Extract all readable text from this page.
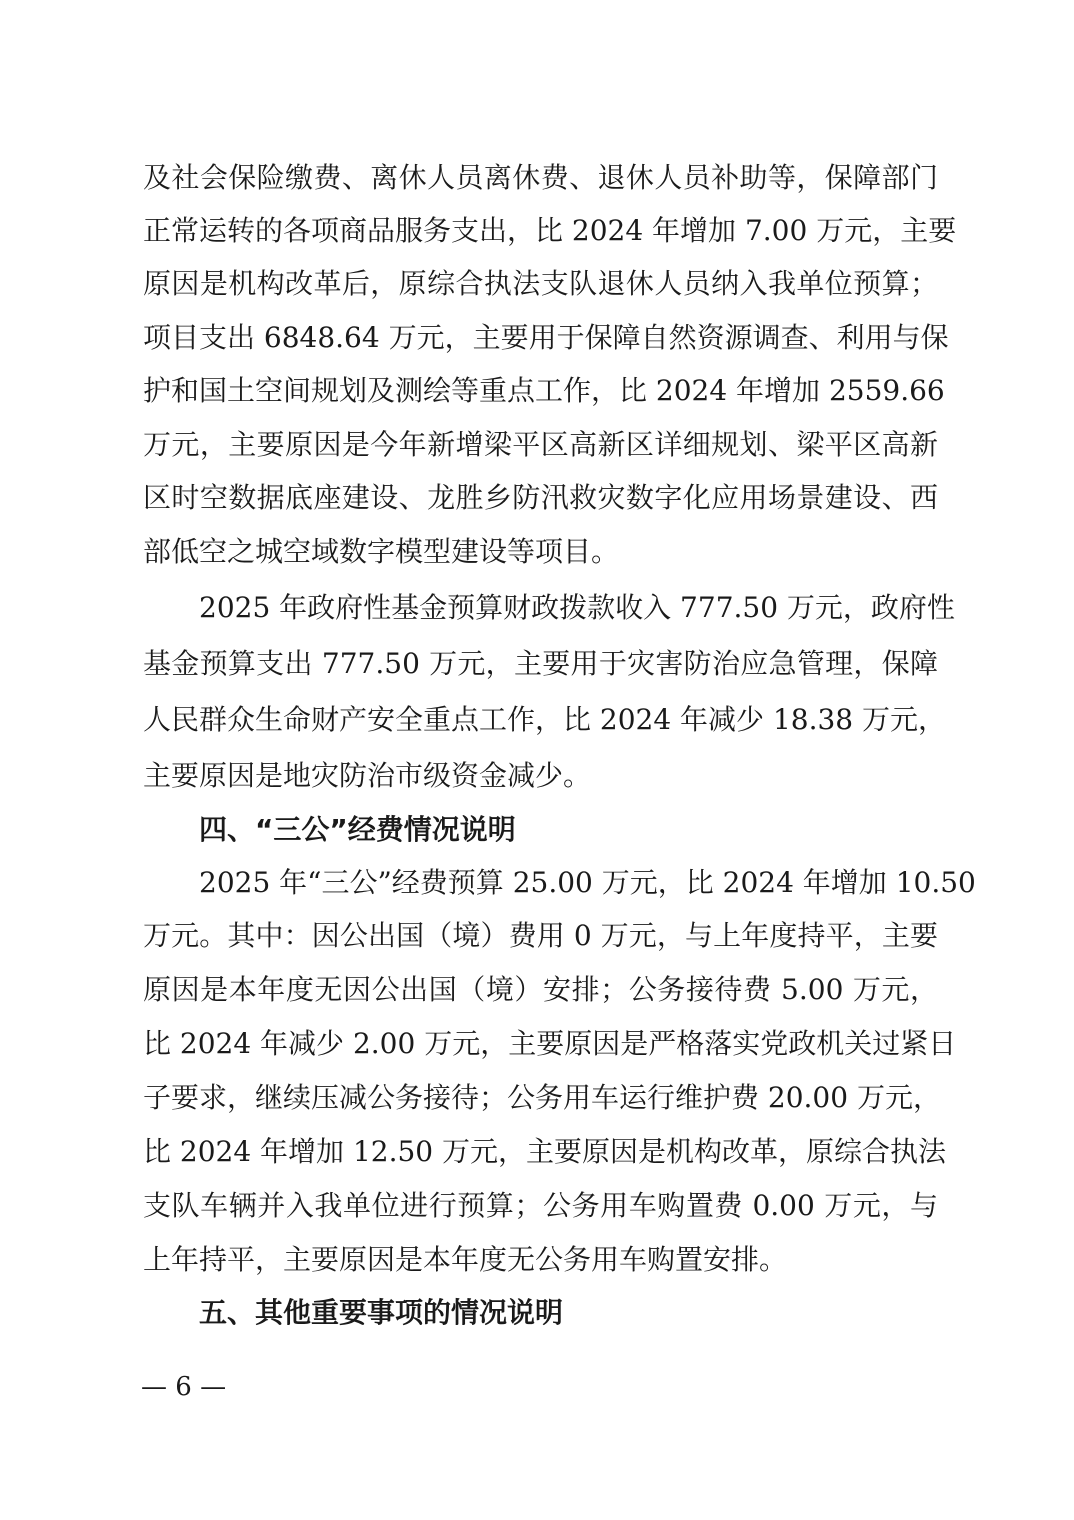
及社会保险缴费、离休人员离休费、退休人员补助等，保障部门
正常运转的各项商品服务支出，比 2024 年增加 7.00 万元，主要
原因是机构改革后，原综合执法支队退休人员纳入我单位预算；
项目支出 6848.64 万元，主要用于保障自然资源调查、利用与保
护和国土空间规划及测绘等重点工作，比 2024 年增加 2559.66
万元，主要原因是今年新增梁平区高新区详细规划、梁平区高新
区时空数据底座建设、龙胜乡防汛救灾数字化应用场景建设、西
部低空之城空域数字模型建设等项目。
2025 年政府性基金预算财政拨款收入 777.50 万元，政府性
基金预算支出 777.50 万元，主要用于灾害防治应急管理，保障
人民群众生命财产安全重点工作，比 2024 年减少 18.38 万元，
主要原因是地灾防治市级资金减少。
四、“三公”经费情况说明
2025 年“三公”经费预算 25.00 万元，比 2024 年增加 10.50
万元。其中：因公出国（境）费用 0 万元，与上年度持平，主要
原因是本年度无因公出国（境）安排；公务接待费 5.00 万元，
比 2024 年减少 2.00 万元，主要原因是严格落实党政机关过紧日
子要求，继续压减公务接待；公务用车运行维护费 20.00 万元，
比 2024 年增加 12.50 万元，主要原因是机构改革，原综合执法
支队车辆并入我单位进行预算；公务用车购置费 0.00 万元，与
上年持平，主要原因是本年度无公务用车购置安排。
五、其他重要事项的情况说明
— 6 —
